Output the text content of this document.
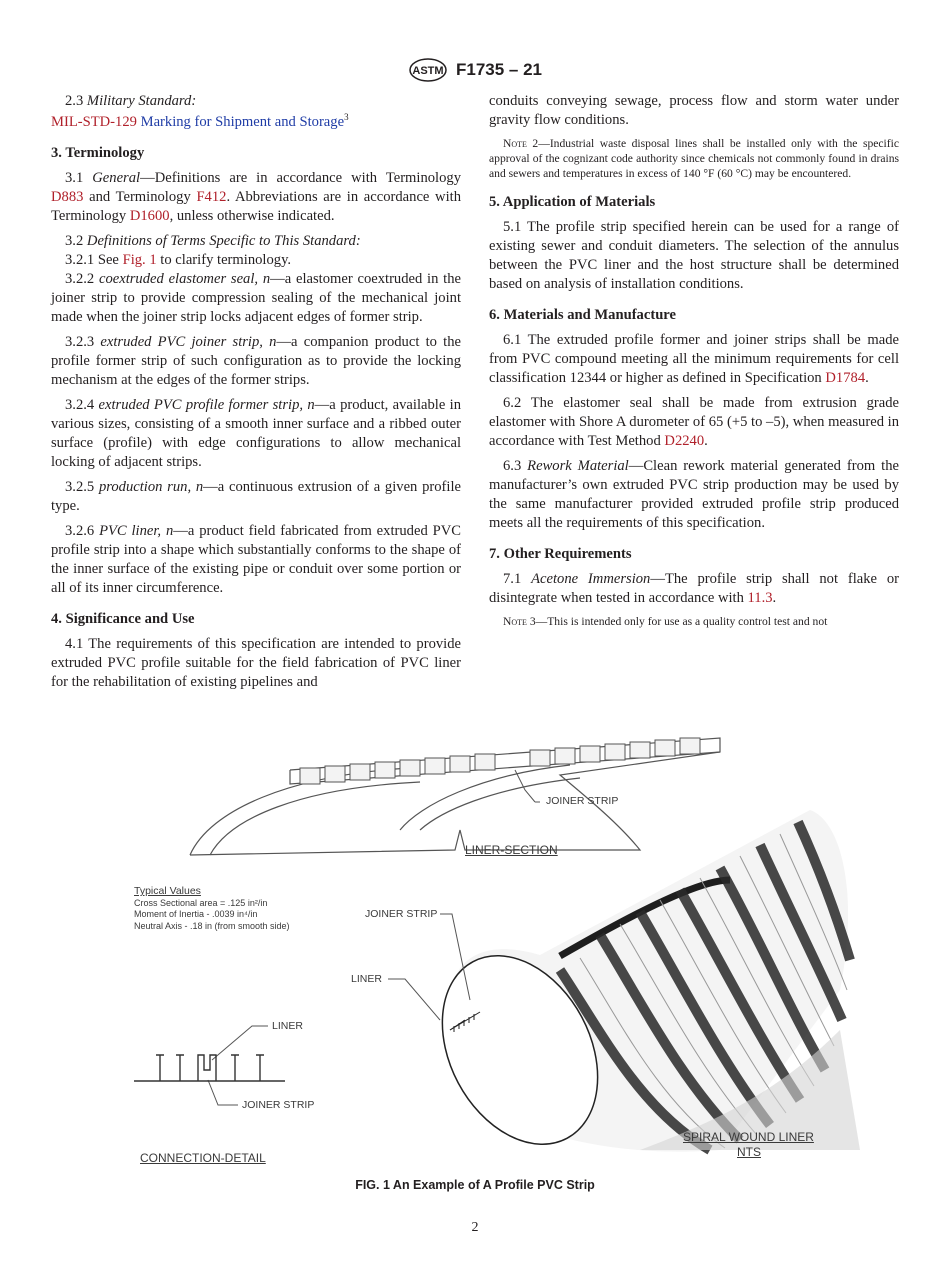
ASTM F1735 – 21

2.3 Military Standard:

MIL-STD-129 Marking for Shipment and Storage$^3$

3. Terminology

3.1 General—Definitions are in accordance with Terminology D883 and Terminology F412. Abbreviations are in accordance with Terminology D1600, unless otherwise indicated.

3.2 Definitions of Terms Specific to This Standard:

3.2.1 See Fig. 1 to clarify terminology.

3.2.2 coextruded elastomer seal, n—a elastomer coextruded in the joiner strip to provide compression sealing of the mechanical joint made when the joiner strip locks adjacent edges of former strip.

3.2.3 extruded PVC joiner strip, n—a companion product to the profile former strip of such configuration as to provide the locking mechanism at the edges of the former strips.

3.2.4 extruded PVC profile former strip, n—a product, available in various sizes, consisting of a smooth inner surface and a ribbed outer surface (profile) with edge configurations to allow mechanical locking of adjacent strips.

3.2.5 production run, n—a continuous extrusion of a given profile type.

3.2.6 PVC liner, n—a product field fabricated from extruded PVC profile strip into a shape which substantially conforms to the shape of the inner surface of the existing pipe or conduit over some portion or all of its inner circumference.

4. Significance and Use

4.1 The requirements of this specification are intended to provide extruded PVC profile suitable for the field fabrication of PVC liner for the rehabilitation of existing pipelines and

conduits conveying sewage, process flow and storm water under gravity flow conditions.

Note 2—Industrial waste disposal lines shall be installed only with the specific approval of the cognizant code authority since chemicals not commonly found in drains and sewers and temperatures in excess of 140 °F (60 °C) may be encountered.

5. Application of Materials

5.1 The profile strip specified herein can be used for a range of existing sewer and conduit diameters. The selection of the annulus between the PVC liner and the host structure shall be determined based on analysis of installation conditions.

6. Materials and Manufacture

6.1 The extruded profile former and joiner strips shall be made from PVC compound meeting all the minimum requirements for cell classification 12344 or higher as defined in Specification D1784.

6.2 The elastomer seal shall be made from extrusion grade elastomer with Shore A durometer of 65 (+5 to –5), when measured in accordance with Test Method D2240.

6.3 Rework Material—Clean rework material generated from the manufacturer’s own extruded PVC strip production may be used by the same manufacturer provided extruded profile strip produced meets all the requirements of this specification.

7. Other Requirements

7.1 Acetone Immersion—The profile strip shall not flake or disintegrate when tested in accordance with 11.3.

Note 3—This is intended only for use as a quality control test and not

JOINER STRIP
LINER-SECTION
Typical Values
Cross Sectional area = .125 in²/in
Moment of Inertia - .0039 in⁴/in
Neutral Axis - .18 in (from smooth side)
JOINER STRIP
LINER
LINER
JOINER STRIP
CONNECTION-DETAIL
SPIRAL WOUND LINER
NTS
FIG. 1 An Example of A Profile PVC Strip
2
